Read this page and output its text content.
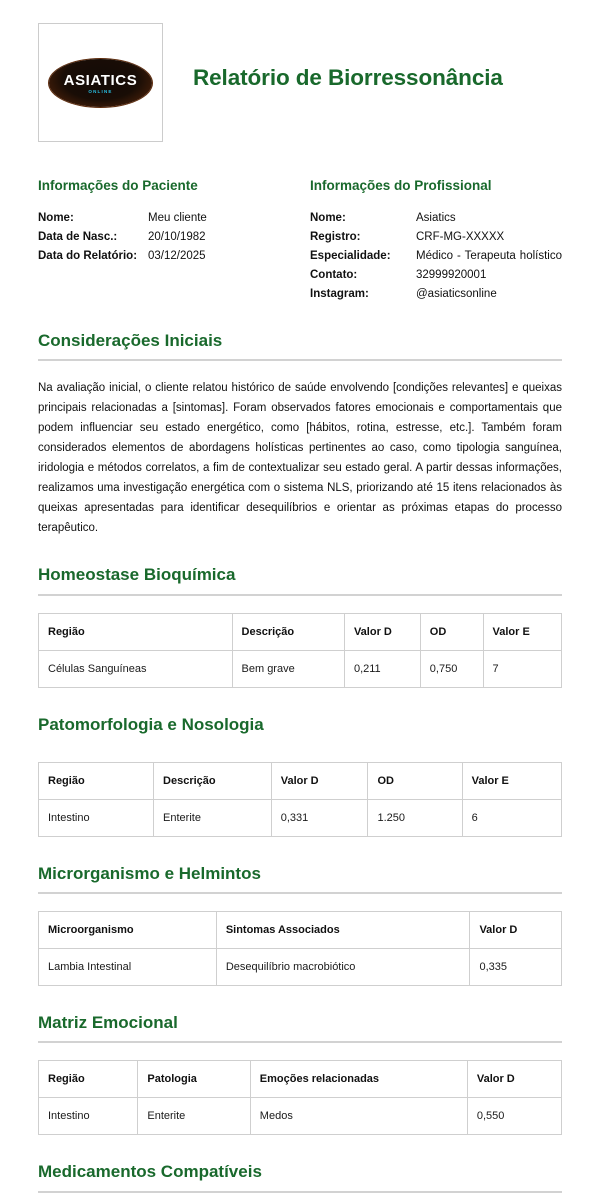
ASIATICS
ONLINE
Relatório de Biorressonância
Informações do Paciente
Nome:	Meu cliente
Data de Nasc.:	20/10/1982
Data do Relatório: 03/12/2025
Informações do Profissional
Nome:	Asiatics
Registro:	CRF-MG-XXXXX
Especialidade:	Médico - Terapeuta holístico
Contato:	32999920001
Instagram:	@asiaticsonline
Considerações Iniciais

Na avaliação inicial, o cliente relatou histórico de saúde envolvendo [condições relevantes] e queixas principais relacionadas a [sintomas]. Foram observados fatores emocionais e comportamentais que podem influenciar seu estado energético, como [hábitos, rotina, estresse, etc.]. Também foram considerados elementos de abordagens holísticas pertinentes ao caso, como tipologia sanguínea, iridologia e métodos correlatos, a fim de contextualizar seu estado geral. A partir dessas informações, realizamos uma investigação energética com o sistema NLS, priorizando até 15 itens relacionados às queixas apresentadas para identificar desequilíbrios e orientar as próximas etapas do processo terapêutico.

Homeostase Bioquímica
Região	Descrição	Valor D	OD	Valor E
Células Sanguíneas	Bem grave	0,211	0,750	7
Patomorfologia e Nosologia
Região	Descrição	Valor D	OD	Valor E
Intestino	Enterite	0,331	1.250	6
Microrganismo e Helmintos
Microorganismo	Sintomas Associados	Valor D
Lambia Intestinal	Desequilíbrio macrobiótico	0,335
Matriz Emocional
Região	Patologia	Emoções relacionadas	Valor D
Intestino	Enterite	Medos	0,550
Medicamentos Compatíveis
